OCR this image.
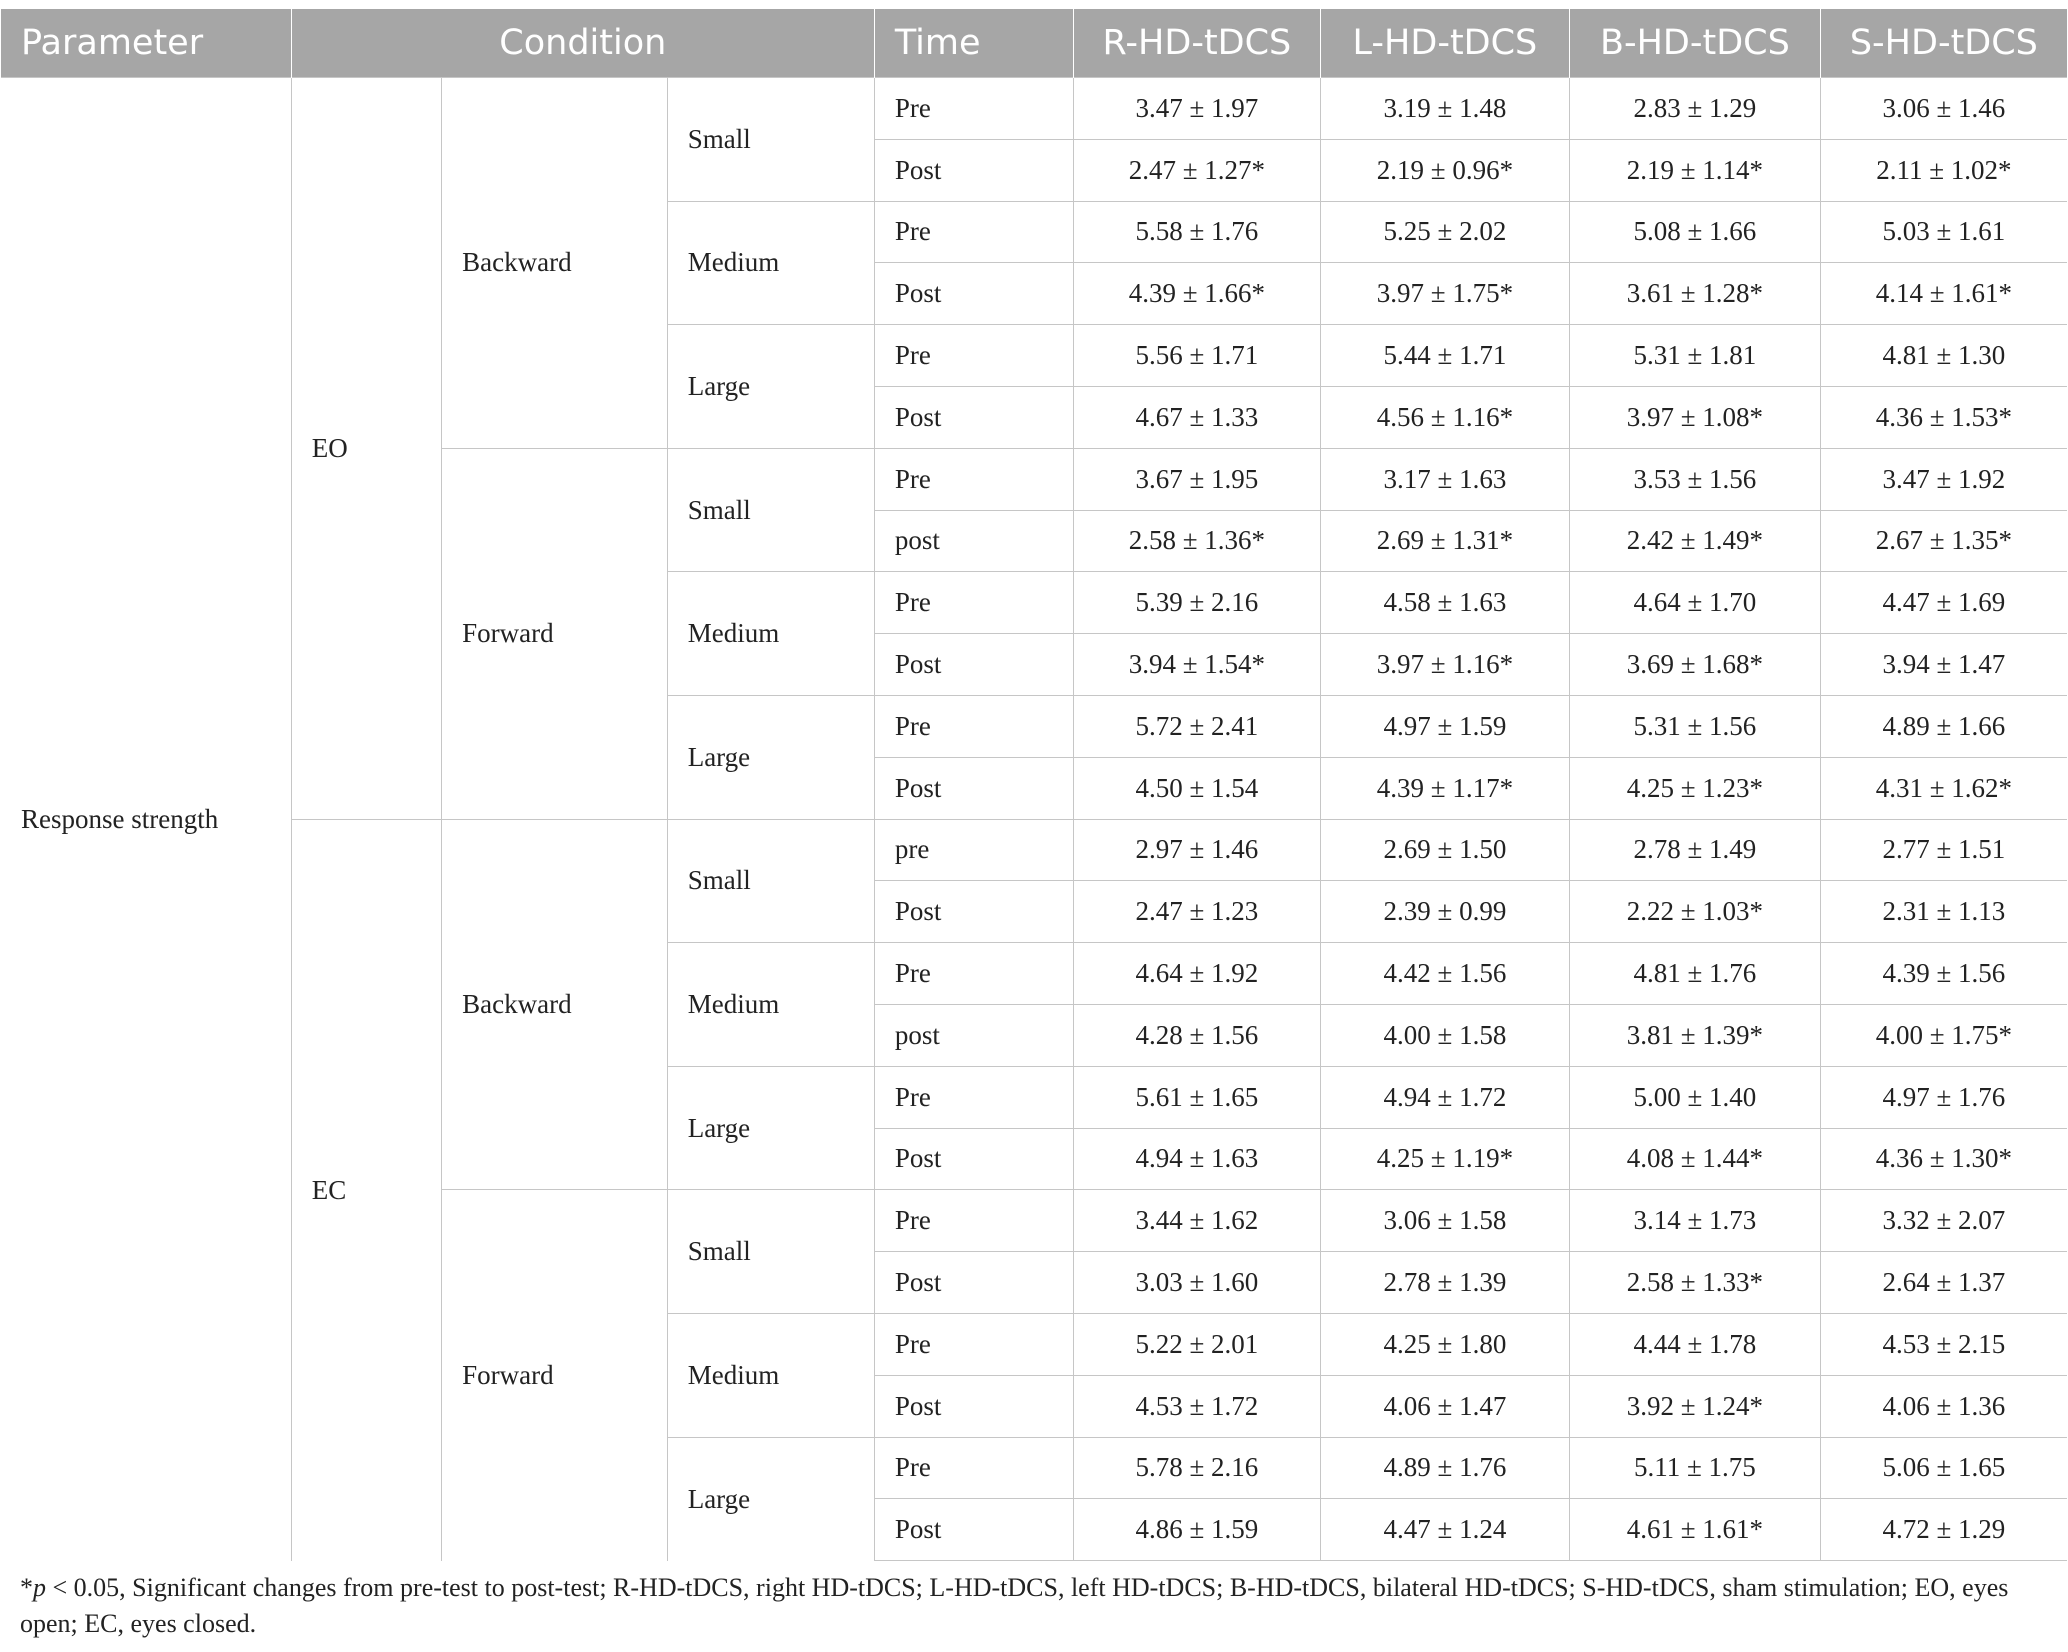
Parameter	Condition			Time	R-HD-tDCS	L-HD-tDCS	B-HD-tDCS	S-HD-tDCS
Response strength	EO	Backward	Small	Pre	3.47 ± 1.97	3.19 ± 1.48	2.83 ± 1.29	3.06 ± 1.46
				Post	2.47 ± 1.27*	2.19 ± 0.96*	2.19 ± 1.14*	2.11 ± 1.02*
			Medium	Pre	5.58 ± 1.76	5.25 ± 2.02	5.08 ± 1.66	5.03 ± 1.61
				Post	4.39 ± 1.66*	3.97 ± 1.75*	3.61 ± 1.28*	4.14 ± 1.61*
			Large	Pre	5.56 ± 1.71	5.44 ± 1.71	5.31 ± 1.81	4.81 ± 1.30
				Post	4.67 ± 1.33	4.56 ± 1.16*	3.97 ± 1.08*	4.36 ± 1.53*
		Forward	Small	Pre	3.67 ± 1.95	3.17 ± 1.63	3.53 ± 1.56	3.47 ± 1.92
				post	2.58 ± 1.36*	2.69 ± 1.31*	2.42 ± 1.49*	2.67 ± 1.35*
			Medium	Pre	5.39 ± 2.16	4.58 ± 1.63	4.64 ± 1.70	4.47 ± 1.69
				Post	3.94 ± 1.54*	3.97 ± 1.16*	3.69 ± 1.68*	3.94 ± 1.47
			Large	Pre	5.72 ± 2.41	4.97 ± 1.59	5.31 ± 1.56	4.89 ± 1.66
				Post	4.50 ± 1.54	4.39 ± 1.17*	4.25 ± 1.23*	4.31 ± 1.62*
	EC	Backward	Small	pre	2.97 ± 1.46	2.69 ± 1.50	2.78 ± 1.49	2.77 ± 1.51
				Post	2.47 ± 1.23	2.39 ± 0.99	2.22 ± 1.03*	2.31 ± 1.13
			Medium	Pre	4.64 ± 1.92	4.42 ± 1.56	4.81 ± 1.76	4.39 ± 1.56
				post	4.28 ± 1.56	4.00 ± 1.58	3.81 ± 1.39*	4.00 ± 1.75*
			Large	Pre	5.61 ± 1.65	4.94 ± 1.72	5.00 ± 1.40	4.97 ± 1.76
				Post	4.94 ± 1.63	4.25 ± 1.19*	4.08 ± 1.44*	4.36 ± 1.30*
		Forward	Small	Pre	3.44 ± 1.62	3.06 ± 1.58	3.14 ± 1.73	3.32 ± 2.07
				Post	3.03 ± 1.60	2.78 ± 1.39	2.58 ± 1.33*	2.64 ± 1.37
			Medium	Pre	5.22 ± 2.01	4.25 ± 1.80	4.44 ± 1.78	4.53 ± 2.15
				Post	4.53 ± 1.72	4.06 ± 1.47	3.92 ± 1.24*	4.06 ± 1.36
			Large	Pre	5.78 ± 2.16	4.89 ± 1.76	5.11 ± 1.75	5.06 ± 1.65
				Post	4.86 ± 1.59	4.47 ± 1.24	4.61 ± 1.61*	4.72 ± 1.29
*p < 0.05, Significant changes from pre-test to post-test; R-HD-tDCS, right HD-tDCS; L-HD-tDCS, left HD-tDCS; B-HD-tDCS, bilateral HD-tDCS; S-HD-tDCS, sham stimulation; EO, eyes open; EC, eyes closed.
